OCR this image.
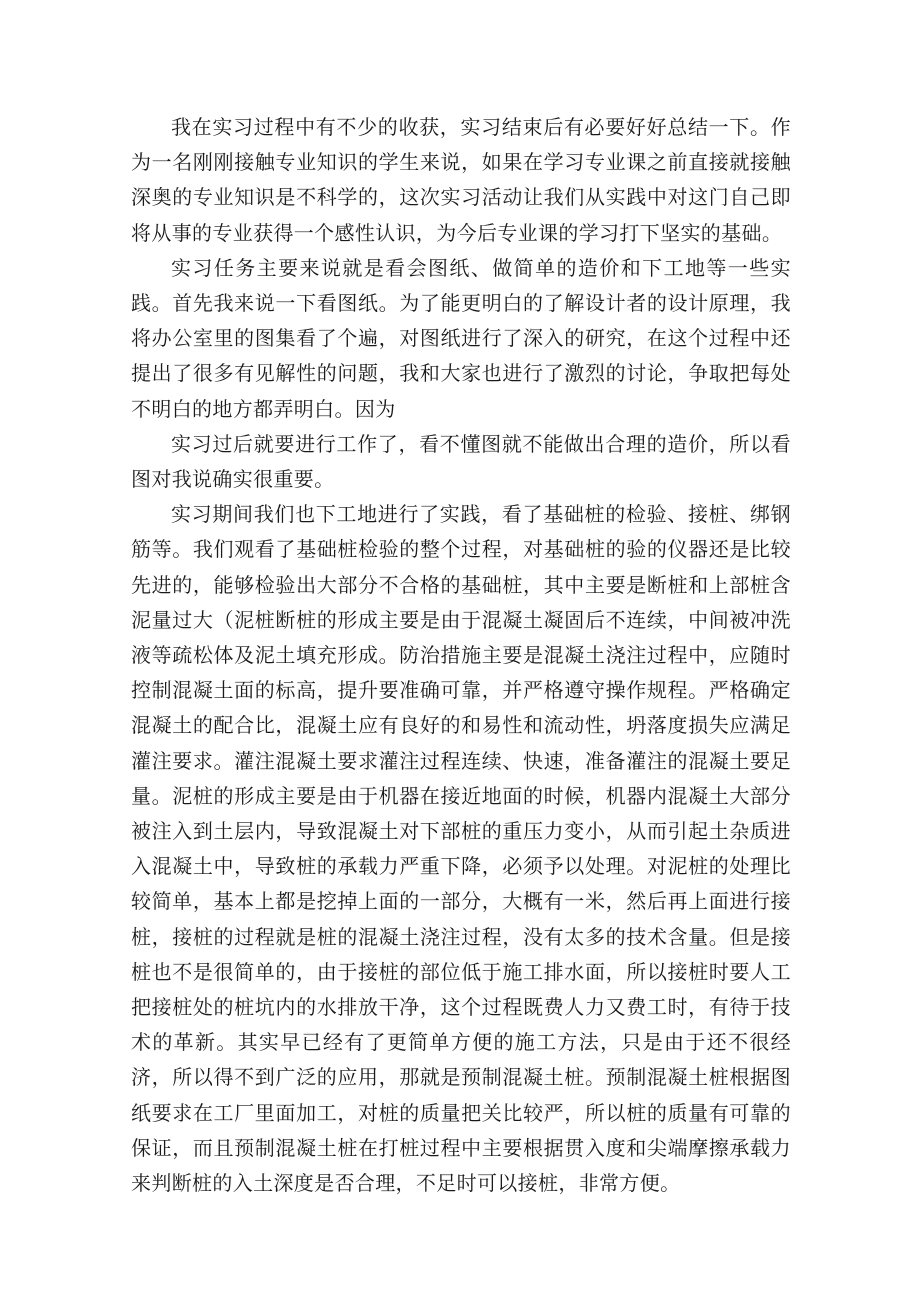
我在实习过程中有不少的收获，实习结束后有必要好好总结一下。作为一名刚刚接触专业知识的学生来说，如果在学习专业课之前直接就接触深奥的专业知识是不科学的，这次实习活动让我们从实践中对这门自己即将从事的专业获得一个感性认识，为今后专业课的学习打下坚实的基础。

实习任务主要来说就是看会图纸、做简单的造价和下工地等一些实践。首先我来说一下看图纸。为了能更明白的了解设计者的设计原理，我将办公室里的图集看了个遍，对图纸进行了深入的研究，在这个过程中还提出了很多有见解性的问题，我和大家也进行了激烈的讨论，争取把每处不明白的地方都弄明白。因为

实习过后就要进行工作了，看不懂图就不能做出合理的造价，所以看图对我说确实很重要。

实习期间我们也下工地进行了实践，看了基础桩的检验、接桩、绑钢筋等。我们观看了基础桩检验的整个过程，对基础桩的验的仪器还是比较先进的，能够检验出大部分不合格的基础桩，其中主要是断桩和上部桩含泥量过大（泥桩断桩的形成主要是由于混凝土凝固后不连续，中间被冲洗液等疏松体及泥土填充形成。防治措施主要是混凝土浇注过程中，应随时控制混凝土面的标高，提升要准确可靠，并严格遵守操作规程。严格确定混凝土的配合比，混凝土应有良好的和易性和流动性，坍落度损失应满足灌注要求。灌注混凝土要求灌注过程连续、快速，准备灌注的混凝土要足量。泥桩的形成主要是由于机器在接近地面的时候，机器内混凝土大部分被注入到土层内，导致混凝土对下部桩的重压力变小，从而引起土杂质进入混凝土中，导致桩的承载力严重下降，必须予以处理。对泥桩的处理比较简单，基本上都是挖掉上面的一部分，大概有一米，然后再上面进行接桩，接桩的过程就是桩的混凝土浇注过程，没有太多的技术含量。但是接桩也不是很简单的，由于接桩的部位低于施工排水面，所以接桩时要人工把接桩处的桩坑内的水排放干净，这个过程既费人力又费工时，有待于技术的革新。其实早已经有了更简单方便的施工方法，只是由于还不很经济，所以得不到广泛的应用，那就是预制混凝土桩。预制混凝土桩根据图纸要求在工厂里面加工，对桩的质量把关比较严，所以桩的质量有可靠的保证，而且预制混凝土桩在打桩过程中主要根据贯入度和尖端摩擦承载力来判断桩的入土深度是否合理，不足时可以接桩，非常方便。
